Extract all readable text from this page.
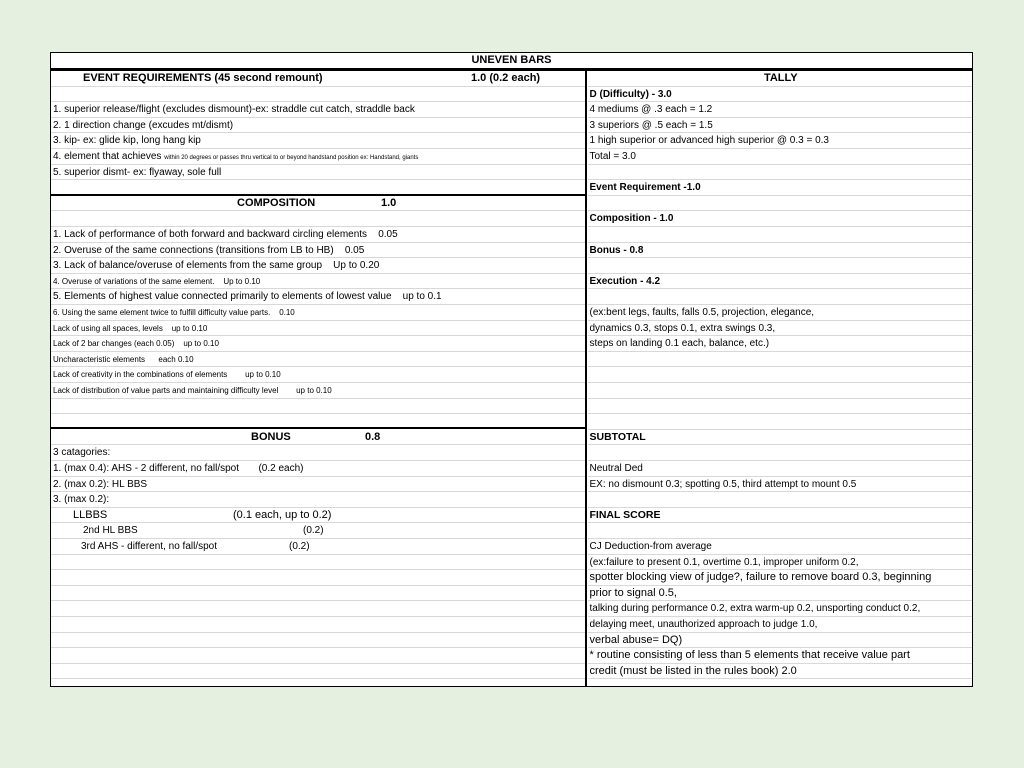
UNEVEN BARS
EVENT REQUIREMENTS (45 second remount)	1.0 (0.2 each)
1. superior release/flight (excludes dismount)-ex: straddle cut catch, straddle back
2. 1 direction change (excudes mt/dismt)
3. kip- ex: glide kip, long hang kip
4. element that achieves within 20 degrees or passes thru vertical to or beyond handstand position ex: Handstand, giants
5. superior dismt- ex: flyaway, sole full
COMPOSITION	1.0
1. Lack of performance of both forward and backward circling elements 0.05
2. Overuse of the same connections (transitions from LB to HB) 0.05
3. Lack of balance/overuse of elements from the same group Up to 0.20
4. Overuse of variations of the same element. Up to 0.10
5. Elements of highest value connected primarily to elements of lowest value up to 0.1
6. Using the same element twice to fulfill difficulty value parts. 0.10
Lack of using all spaces, levels up to 0.10
Lack of 2 bar changes (each 0.05) up to 0.10
Uncharacteristic elements each 0.10
Lack of creativity in the combinations of elements up to 0.10
Lack of distribution of value parts and maintaining difficulty level up to 0.10
BONUS	0.8
3 catagories:
1. (max 0.4): AHS - 2 different, no fall/spot (0.2 each)
2. (max 0.2): HL BBS
3. (max 0.2):
LLBBS	(0.1 each, up to 0.2)
2nd HL BBS	(0.2)
3rd AHS - different, no fall/spot	(0.2)
TALLY
D (Difficulty) - 3.0
4 mediums @ .3 each = 1.2
3 superiors @ .5 each = 1.5
1 high superior or advanced high superior @ 0.3 = 0.3
Total = 3.0
Event Requirement -1.0
Composition - 1.0
Bonus - 0.8
Execution - 4.2
(ex:bent legs, faults, falls 0.5, projection, elegance,
dynamics 0.3, stops 0.1, extra swings 0.3,
steps on landing 0.1 each, balance, etc.)
SUBTOTAL
Neutral Ded
EX: no dismount 0.3; spotting 0.5, third attempt to mount 0.5
FINAL SCORE
CJ Deduction-from average
(ex:failure to present 0.1, overtime 0.1, improper uniform 0.2,
spotter blocking view of judge?, failure to remove board 0.3, beginning
prior to signal 0.5,
talking during performance 0.2, extra warm-up 0.2, unsporting conduct 0.2,
delaying meet, unauthorized approach to judge 1.0,
verbal abuse= DQ)
* routine consisting of less than 5 elements that receive value part
credit (must be listed in the rules book) 2.0
